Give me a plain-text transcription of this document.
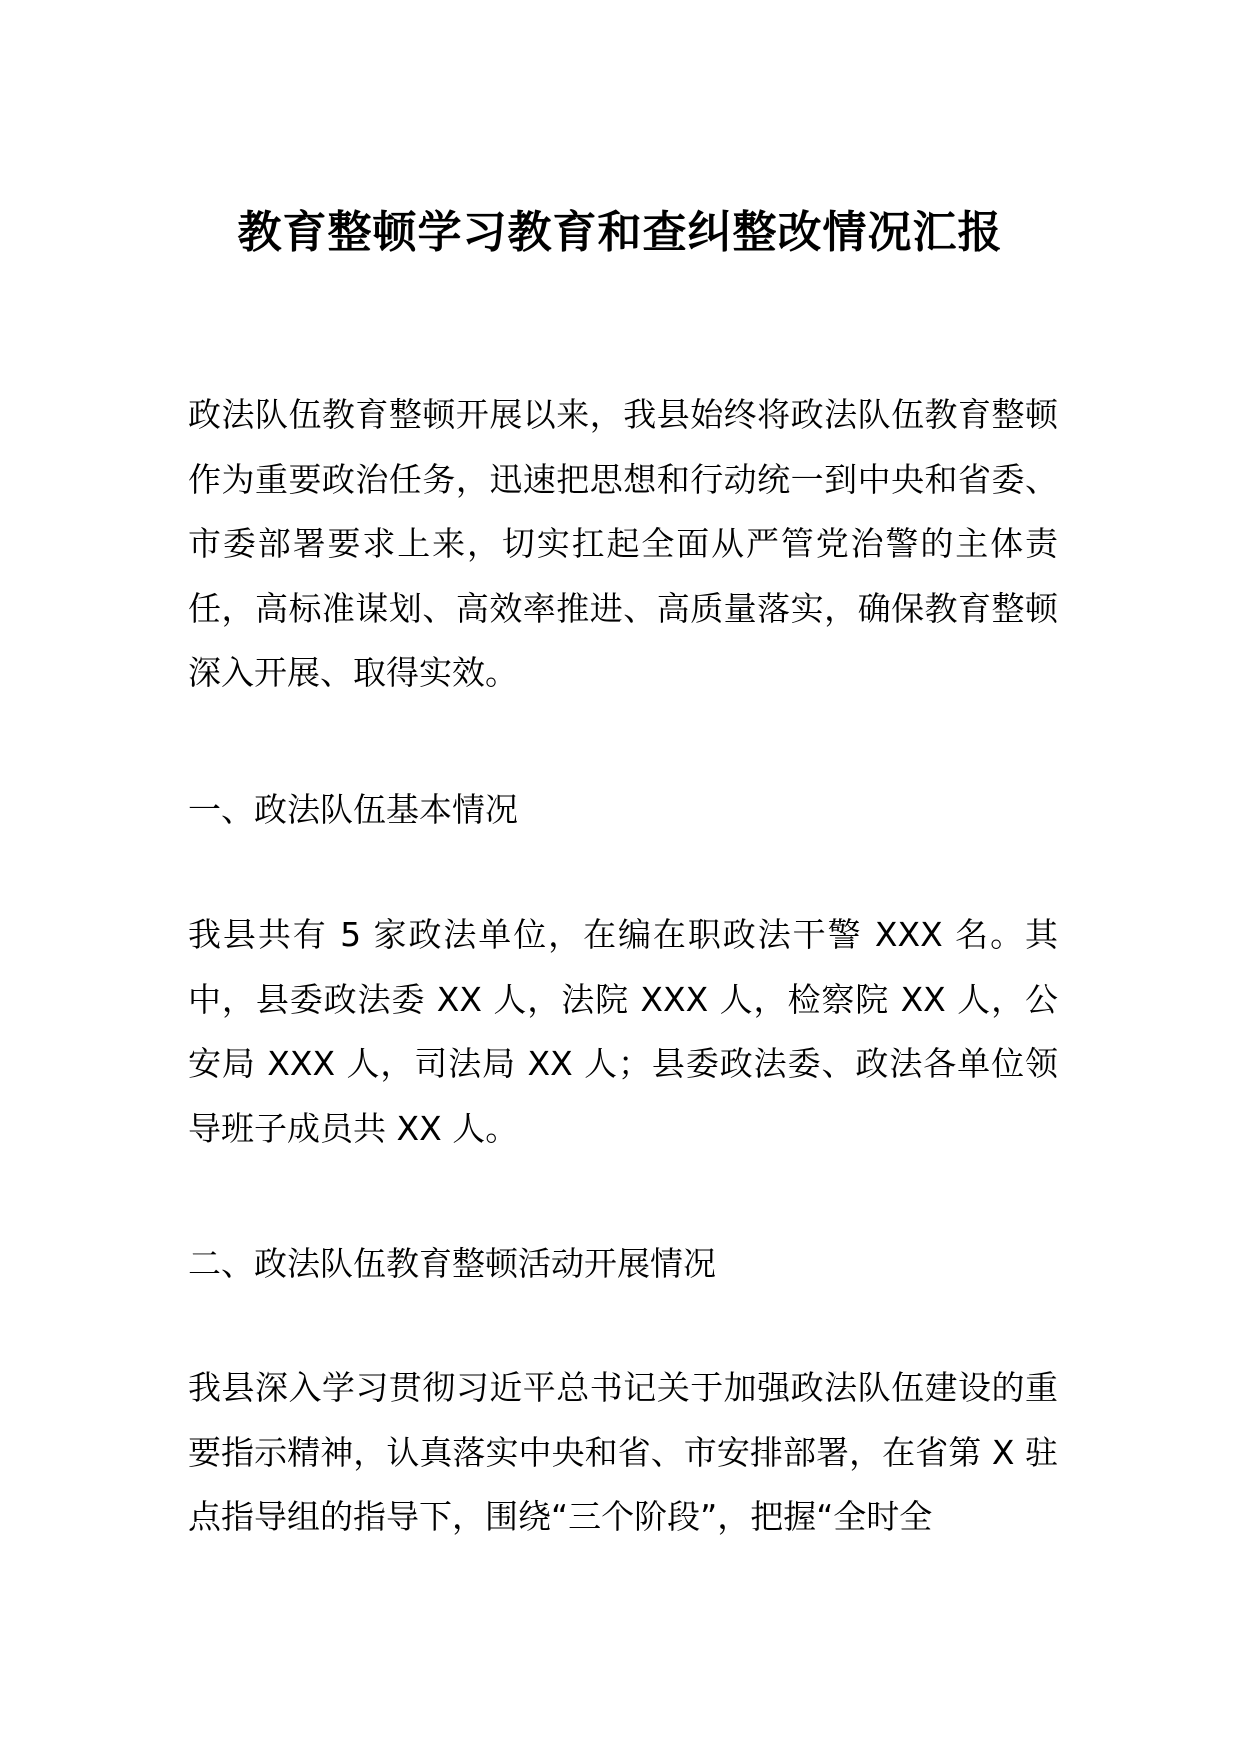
教育整顿学习教育和查纠整改情况汇报
政法队伍教育整顿开展以来，我县始终将政法队伍教育整顿作为重要政治任务，迅速把思想和行动统一到中央和省委、市委部署要求上来，切实扛起全面从严管党治警的主体责任，高标准谋划、高效率推进、高质量落实，确保教育整顿深入开展、取得实效。
一、政法队伍基本情况
我县共有 5 家政法单位，在编在职政法干警 XXX 名。其中，县委政法委 XX 人，法院 XXX 人，检察院 XX 人，公安局 XXX 人，司法局 XX 人；县委政法委、政法各单位领导班子成员共 XX 人。
二、政法队伍教育整顿活动开展情况
我县深入学习贯彻习近平总书记关于加强政法队伍建设的重要指示精神，认真落实中央和省、市安排部署，在省第 X 驻点指导组的指导下，围绕“三个阶段”，把握“全时全
